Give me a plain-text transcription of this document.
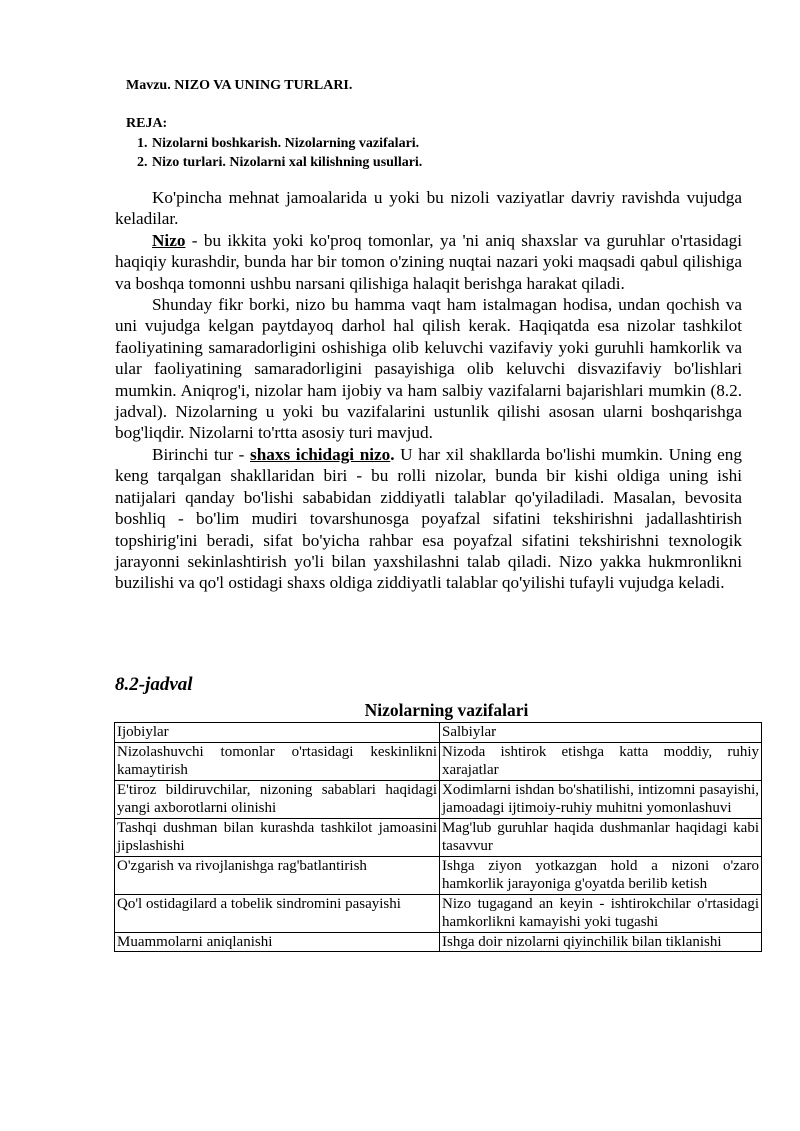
Mavzu. NIZO VA UNING TURLARI.
REJA:
1. Nizolarni boshkarish. Nizolarning vazifalari.
2. Nizo turlari. Nizolarni xal kilishning usullari.

Ko'pincha mehnat jamoalarida u yoki bu nizoli vaziyatlar davriy ravishda vujudga keladilar.

Nizo - bu ikkita yoki ko'proq tomonlar, ya 'ni aniq shaxslar va guruhlar o'rtasidagi haqiqiy kurashdir, bunda har bir tomon o'zining nuqtai nazari yoki maqsadi qabul qilishiga va boshqa tomonni ushbu narsani qilishiga halaqit berishga harakat qiladi.

Shunday fikr borki, nizo bu hamma vaqt ham istalmagan hodisa, undan qochish va uni vujudga kelgan paytdayoq darhol hal qilish kerak. Haqiqatda esa nizolar tashkilot faoliyatining samaradorligini oshishiga olib keluvchi vazifaviy yoki guruhli hamkorlik va ular faoliyatining samaradorligini pasayishiga olib keluvchi disvazifaviy bo'lishlari mumkin. Aniqrog'i, nizolar ham ijobiy va ham salbiy vazifalarni bajarishlari mumkin (8.2. jadval). Nizolarning u yoki bu vazifalarini ustunlik qilishi asosan ularni boshqarishga bog'liqdir. Nizolarni to'rtta asosiy turi mavjud.

Birinchi tur - shaxs ichidagi nizo. U har xil shakllarda bo'lishi mumkin. Uning eng keng tarqalgan shakllaridan biri - bu rolli nizolar, bunda bir kishi oldiga uning ishi natijalari qanday bo'lishi sababidan ziddiyatli talablar qo'yiladiladi. Masalan, bevosita boshliq - bo'lim mudiri tovarshunosga poyafzal sifatini tekshirishni jadallashtirish topshirig'ini beradi, sifat bo'yicha rahbar esa poyafzal sifatini tekshirishni texnologik jarayonni sekinlashtirish yo'li bilan yaxshilashni talab qiladi. Nizo yakka hukmronlikni buzilishi va qo'l ostidagi shaxs oldiga ziddiyatli talablar qo'yilishi tufayli vujudga keladi.

8.2-jadval
Nizolarning vazifalari
Ijobiylar	Salbiylar
Nizolashuvchi tomonlar o'rtasidagi keskinlikni kamaytirish	Nizoda ishtirok etishga katta moddiy, ruhiy xarajatlar
E'tiroz bildiruvchilar, nizoning sabablari haqidagi yangi axborotlarni olinishi	Xodimlarni ishdan bo'shatilishi, intizomni pasayishi, jamoadagi ijtimoiy-ruhiy muhitni yomonlashuvi
Tashqi dushman bilan kurashda tashkilot jamoasini jipslashishi	Mag'lub guruhlar haqida dushmanlar haqidagi kabi tasavvur
O'zgarish va rivojlanishga rag'batlantirish	Ishga ziyon yotkazgan hold a nizoni o'zaro hamkorlik jarayoniga g'oyatda berilib ketish
Qo'l ostidagilard a tobelik sindromini pasayishi	Nizo tugagand an keyin - ishtirokchilar o'rtasidagi hamkorlikni kamayishi yoki tugashi
Muammolarni aniqlanishi	Ishga doir nizolarni qiyinchilik bilan tiklanishi
